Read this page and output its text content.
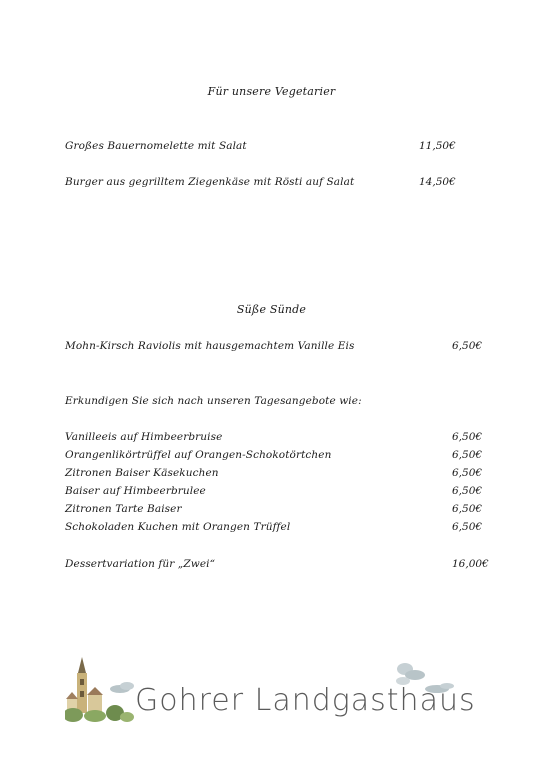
Für unsere Vegetarier
Großes Bauernomelette mit Salat	11,50€
Burger aus gegrilltem Ziegenkäse mit Rösti auf Salat	14,50€
Süße Sünde
Mohn-Kirsch Raviolis mit hausgemachtem Vanille Eis	6,50€
Erkundigen Sie sich nach unseren Tagesangebote wie:
Vanilleeis auf Himbeerbruise	6,50€
Orangenlikörtrüffel auf Orangen-Schokotörtchen	6,50€
Zitronen Baiser Käsekuchen	6,50€
Baiser auf Himbeerbrulee	6,50€
Zitronen Tarte Baiser	6,50€
Schokoladen Kuchen mit Orangen Trüffel	6,50€
Dessertvariation für „Zwei“	16,00€
Gohrer Landgasthaus
